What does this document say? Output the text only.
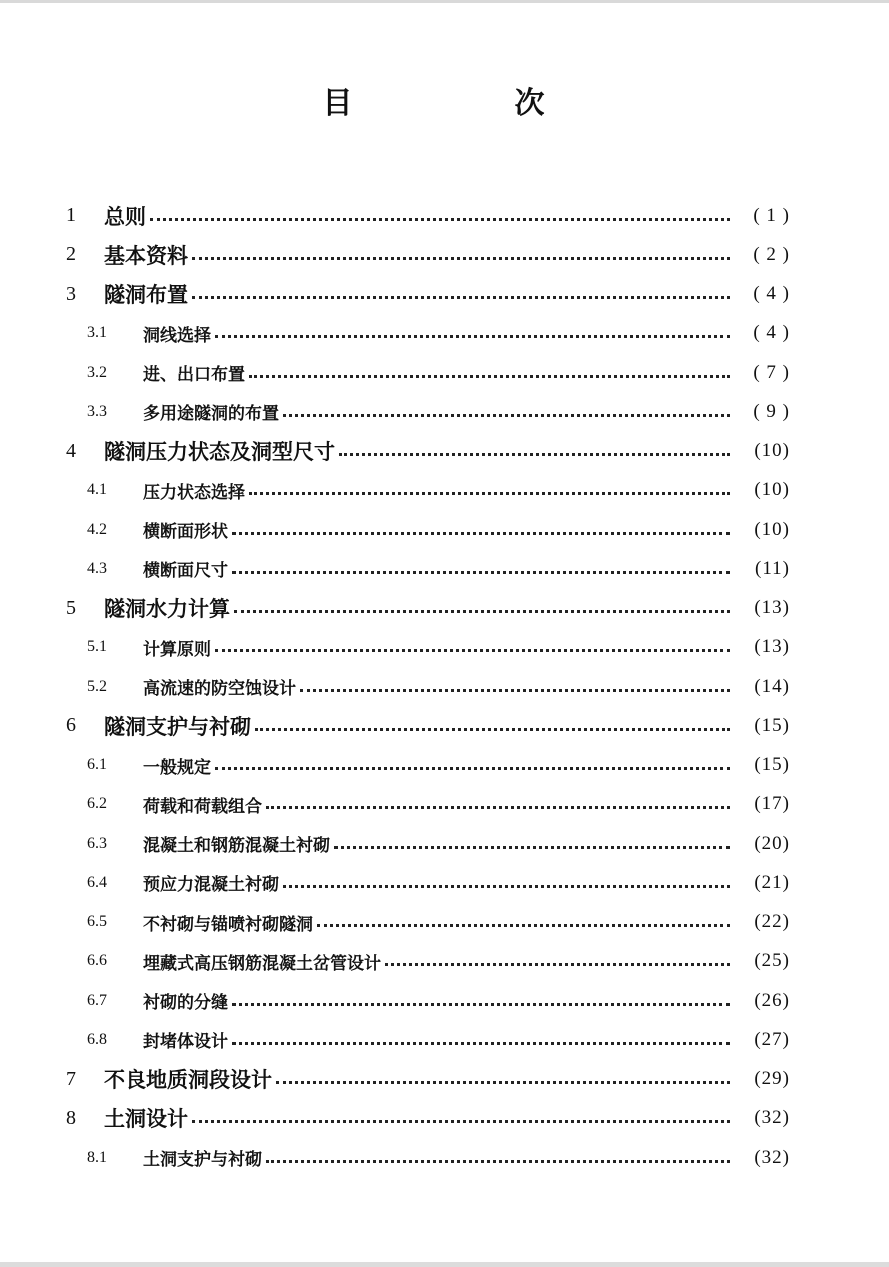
目　次
1	总则	( 1 )
2	基本资料	( 2 )
3	隧洞布置	( 4 )
3.1	洞线选择	( 4 )
3.2	进、出口布置	( 7 )
3.3	多用途隧洞的布置	( 9 )
4	隧洞压力状态及洞型尺寸	(10)
4.1	压力状态选择	(10)
4.2	横断面形状	(10)
4.3	横断面尺寸	(11)
5	隧洞水力计算	(13)
5.1	计算原则	(13)
5.2	高流速的防空蚀设计	(14)
6	隧洞支护与衬砌	(15)
6.1	一般规定	(15)
6.2	荷载和荷载组合	(17)
6.3	混凝土和钢筋混凝土衬砌	(20)
6.4	预应力混凝土衬砌	(21)
6.5	不衬砌与锚喷衬砌隧洞	(22)
6.6	埋藏式高压钢筋混凝土岔管设计	(25)
6.7	衬砌的分缝	(26)
6.8	封堵体设计	(27)
7	不良地质洞段设计	(29)
8	土洞设计	(32)
8.1	土洞支护与衬砌	(32)
